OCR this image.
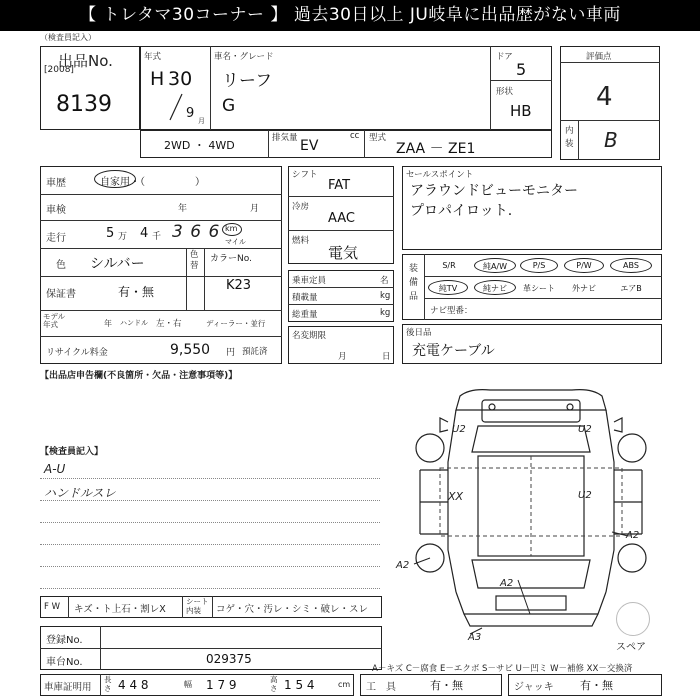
【 トレタマ30コーナー 】 過去30日以上 JU岐阜に出品歴がない車両
（検査員記入）
出品No.
[2008]
8139
年式
H 30
9 月
車名・グレード
リーフ
G
ドア
5
形状
HB
評価点
4
内装 B
2WD ・ 4WD
排気量 EV
cc 型式
ZAA － ZE1
車歴	自家用・（　　　　　）
車検	年	月
走行	5 万 4 千 3 6 6 km
マイル
色 シルバー
色替
カラーNo.
K23
保証書	有・無
モデル年式	年 ハンドル 左・右	ディーラー・並行
リサイクル料金	9,550 円 預託済
シフト
FAT
冷房
AAC
燃料
電気
乗車定員	名
積載量	kg
総重量	kg
名変期限
月	日
セールスポイント
アラウンドビューモニター
プロパイロット.
装備品
S/R	純A/W	P/S	P/W	ABS
純TV	純ナビ	革シート	外ナビ	エアB
ナビ型番：
後日品
充電ケーブル
【出品店申告欄(不良箇所・欠品・注意事項等)】
【検査員記入】
A-U
ハンドルスレ
U2	U2
XX	U2
A2
A2
A2
A3
スペア
F W キズ・ト上石・割レX
シート内装	コゲ・穴・汚レ・シミ・破レ・スレ
登録No.
車台No.	029375
A－キズ C－腐食 E－エクボ S－サビ U－凹ミ W－補修 XX－交換済
車庫証明用
長さ 4 4 8	幅 1 7 9	高さ 1 5 4	cm 工　具	有・無	ジャッキ 有・無
